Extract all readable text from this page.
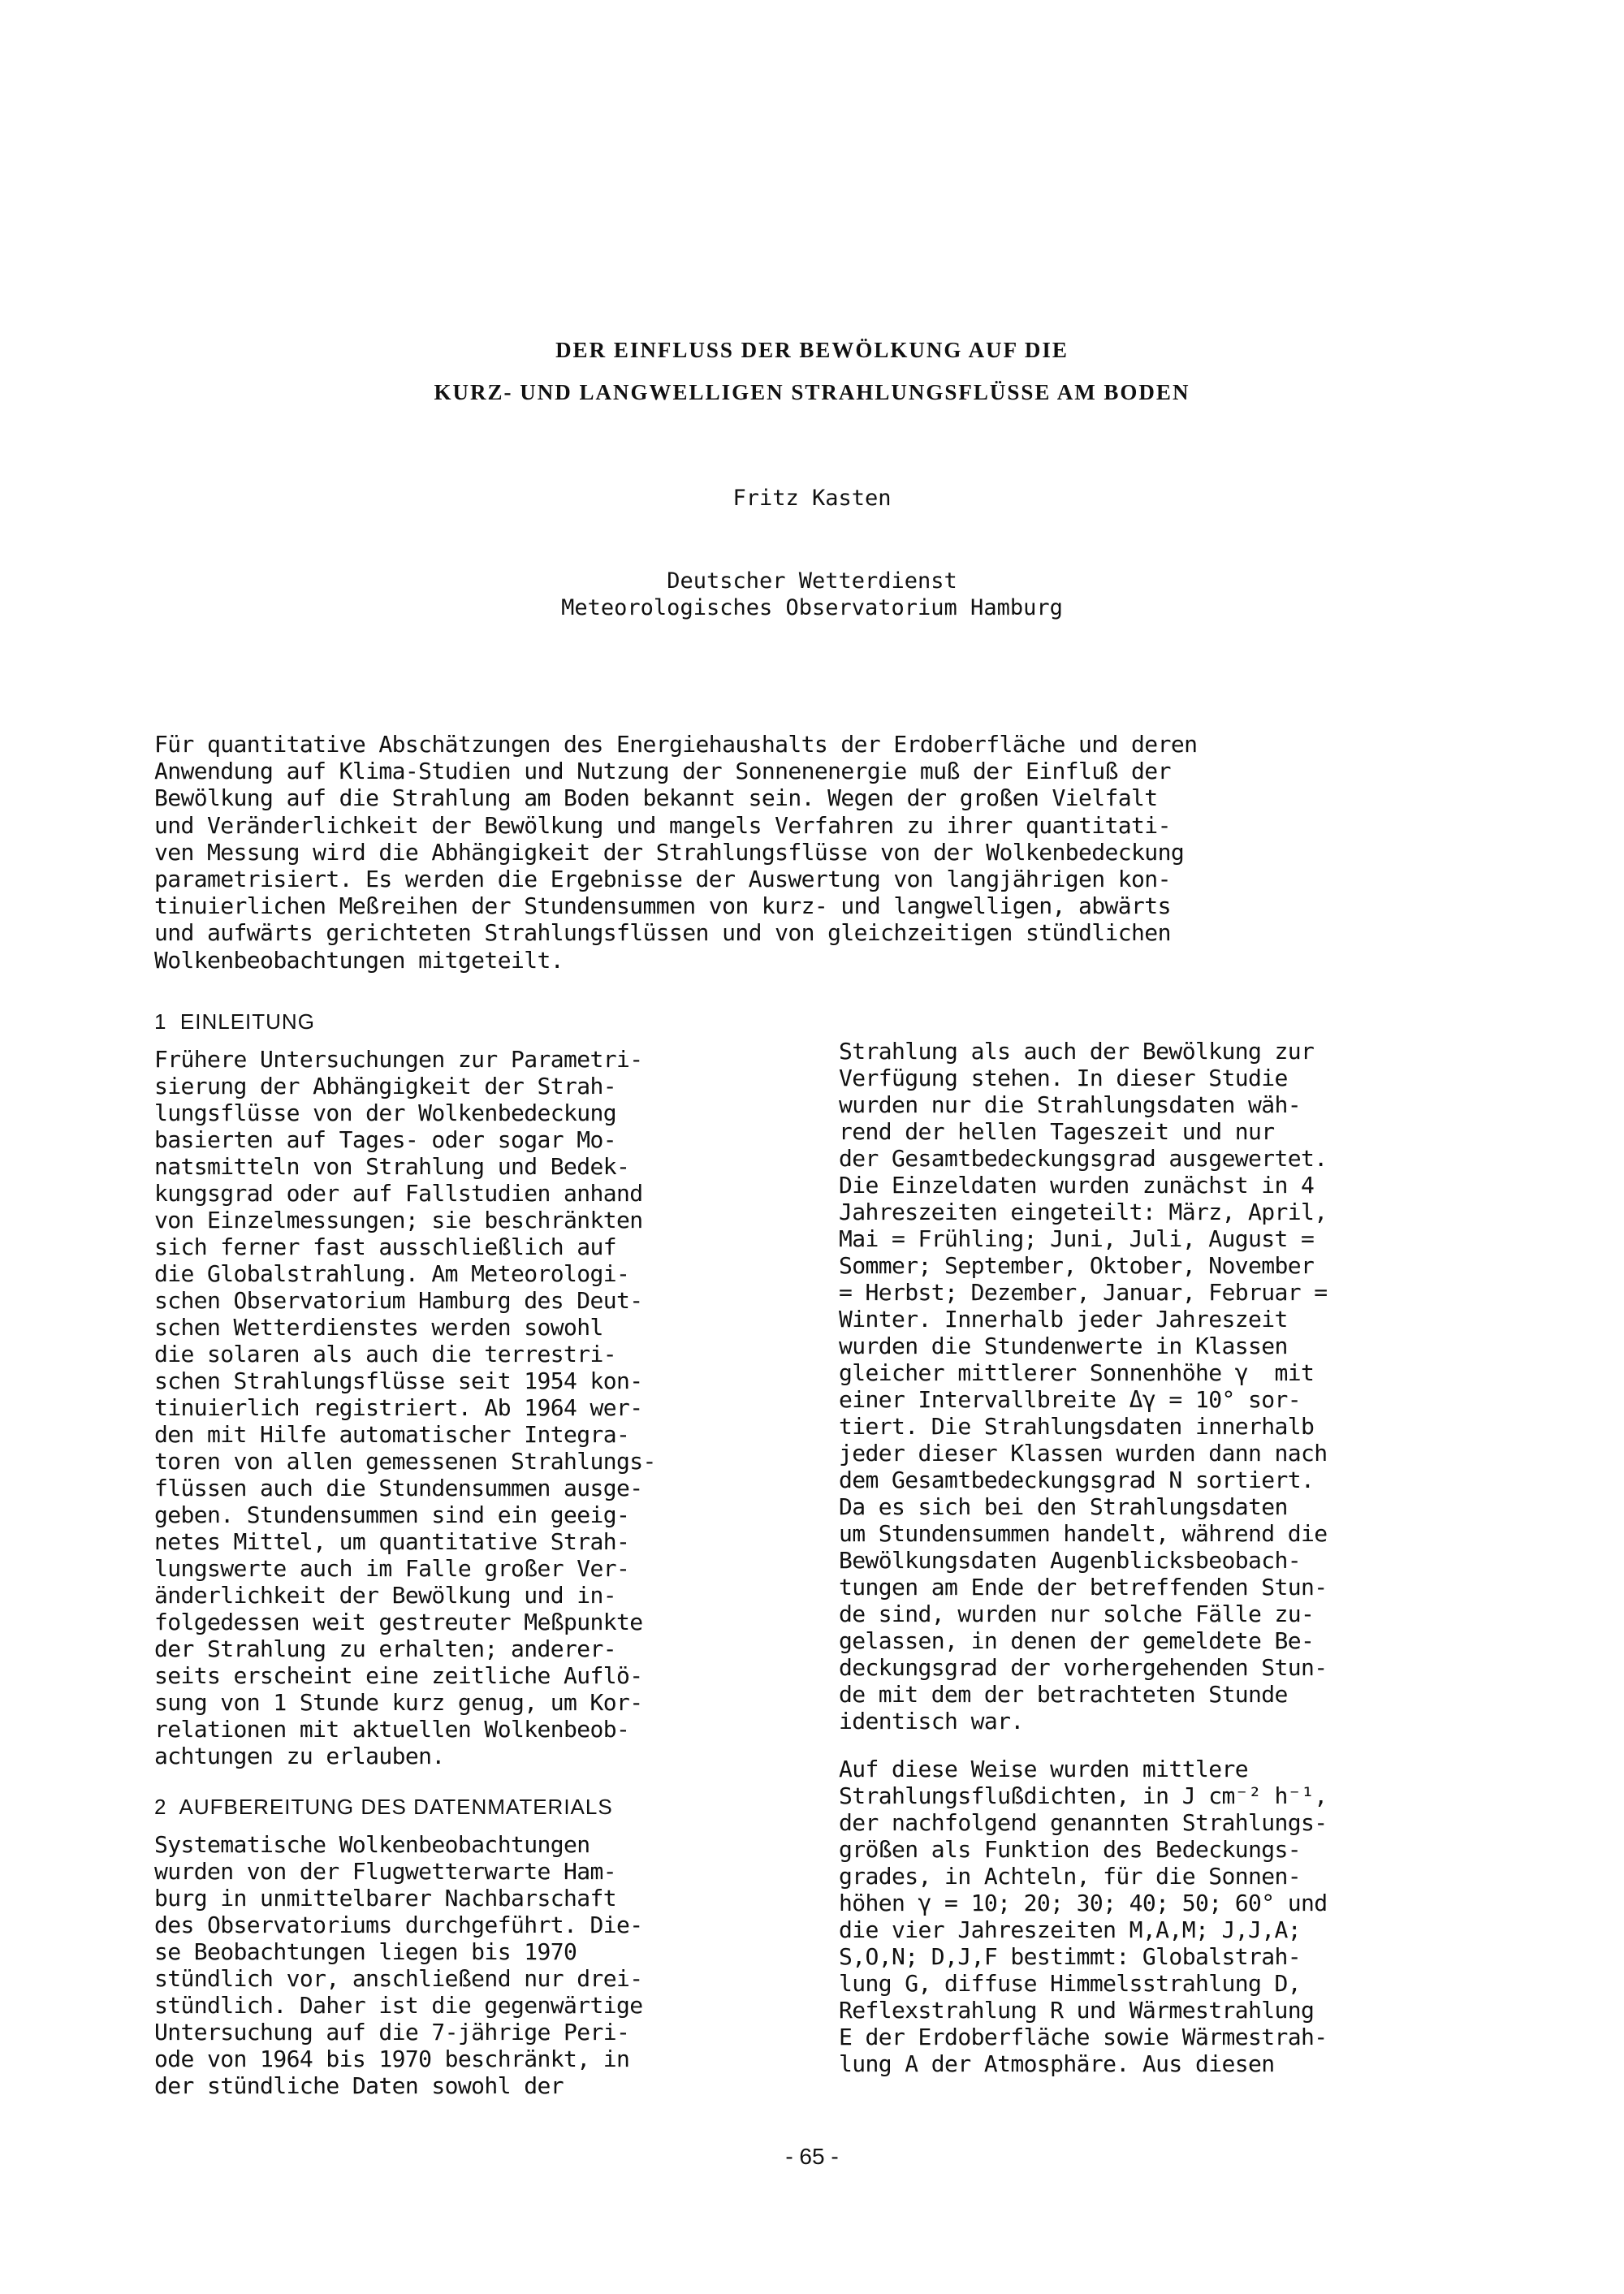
DER EINFLUSS DER BEWÖLKUNG AUF DIE
KURZ- UND LANGWELLIGEN STRAHLUNGSFLÜSSE AM BODEN
Fritz Kasten
Deutscher Wetterdienst
Meteorologisches Observatorium Hamburg
Für quantitative Abschätzungen des Energiehaushalts der Erdoberfläche und deren
Anwendung auf Klima-Studien und Nutzung der Sonnenenergie muß der Einfluß der
Bewölkung auf die Strahlung am Boden bekannt sein. Wegen der großen Vielfalt
und Veränderlichkeit der Bewölkung und mangels Verfahren zu ihrer quantitati-
ven Messung wird die Abhängigkeit der Strahlungsflüsse von der Wolkenbedeckung
parametrisiert. Es werden die Ergebnisse der Auswertung von langjährigen kon-
tinuierlichen Meßreihen der Stundensummen von kurz- und langwelligen, abwärts
und aufwärts gerichteten Strahlungsflüssen und von gleichzeitigen stündlichen
Wolkenbeobachtungen mitgeteilt.
1  EINLEITUNG
Frühere Untersuchungen zur Parametri-
sierung der Abhängigkeit der Strah-
lungsflüsse von der Wolkenbedeckung
basierten auf Tages- oder sogar Mo-
natsmitteln von Strahlung und Bedek-
kungsgrad oder auf Fallstudien anhand
von Einzelmessungen; sie beschränkten
sich ferner fast ausschließlich auf
die Globalstrahlung. Am Meteorologi-
schen Observatorium Hamburg des Deut-
schen Wetterdienstes werden sowohl
die solaren als auch die terrestri-
schen Strahlungsflüsse seit 1954 kon-
tinuierlich registriert. Ab 1964 wer-
den mit Hilfe automatischer Integra-
toren von allen gemessenen Strahlungs-
flüssen auch die Stundensummen ausge-
geben. Stundensummen sind ein geeig-
netes Mittel, um quantitative Strah-
lungswerte auch im Falle großer Ver-
änderlichkeit der Bewölkung und in-
folgedessen weit gestreuter Meßpunkte
der Strahlung zu erhalten; anderer-
seits erscheint eine zeitliche Auflö-
sung von 1 Stunde kurz genug, um Kor-
relationen mit aktuellen Wolkenbeob-
achtungen zu erlauben.
2  AUFBEREITUNG DES DATENMATERIALS
Systematische Wolkenbeobachtungen
wurden von der Flugwetterwarte Ham-
burg in unmittelbarer Nachbarschaft
des Observatoriums durchgeführt. Die-
se Beobachtungen liegen bis 1970
stündlich vor, anschließend nur drei-
stündlich. Daher ist die gegenwärtige
Untersuchung auf die 7-jährige Peri-
ode von 1964 bis 1970 beschränkt, in
der stündliche Daten sowohl der
Strahlung als auch der Bewölkung zur
Verfügung stehen. In dieser Studie
wurden nur die Strahlungsdaten wäh-
rend der hellen Tageszeit und nur
der Gesamtbedeckungsgrad ausgewertet.
Die Einzeldaten wurden zunächst in 4
Jahreszeiten eingeteilt: März, April,
Mai = Frühling; Juni, Juli, August =
Sommer; September, Oktober, November
= Herbst; Dezember, Januar, Februar =
Winter. Innerhalb jeder Jahreszeit
wurden die Stundenwerte in Klassen
gleicher mittlerer Sonnenhöhe γ  mit
einer Intervallbreite Δγ = 10° sor-
tiert. Die Strahlungsdaten innerhalb
jeder dieser Klassen wurden dann nach
dem Gesamtbedeckungsgrad N sortiert.
Da es sich bei den Strahlungsdaten
um Stundensummen handelt, während die
Bewölkungsdaten Augenblicksbeobach-
tungen am Ende der betreffenden Stun-
de sind, wurden nur solche Fälle zu-
gelassen, in denen der gemeldete Be-
deckungsgrad der vorhergehenden Stun-
de mit dem der betrachteten Stunde
identisch war.
Auf diese Weise wurden mittlere
Strahlungsflußdichten, in J cm⁻² h⁻¹,
der nachfolgend genannten Strahlungs-
größen als Funktion des Bedeckungs-
grades, in Achteln, für die Sonnen-
höhen γ = 10; 20; 30; 40; 50; 60° und
die vier Jahreszeiten M,A,M; J,J,A;
S,O,N; D,J,F bestimmt: Globalstrah-
lung G, diffuse Himmelsstrahlung D,
Reflexstrahlung R und Wärmestrahlung
E der Erdoberfläche sowie Wärmestrah-
lung A der Atmosphäre. Aus diesen
- 65 -
